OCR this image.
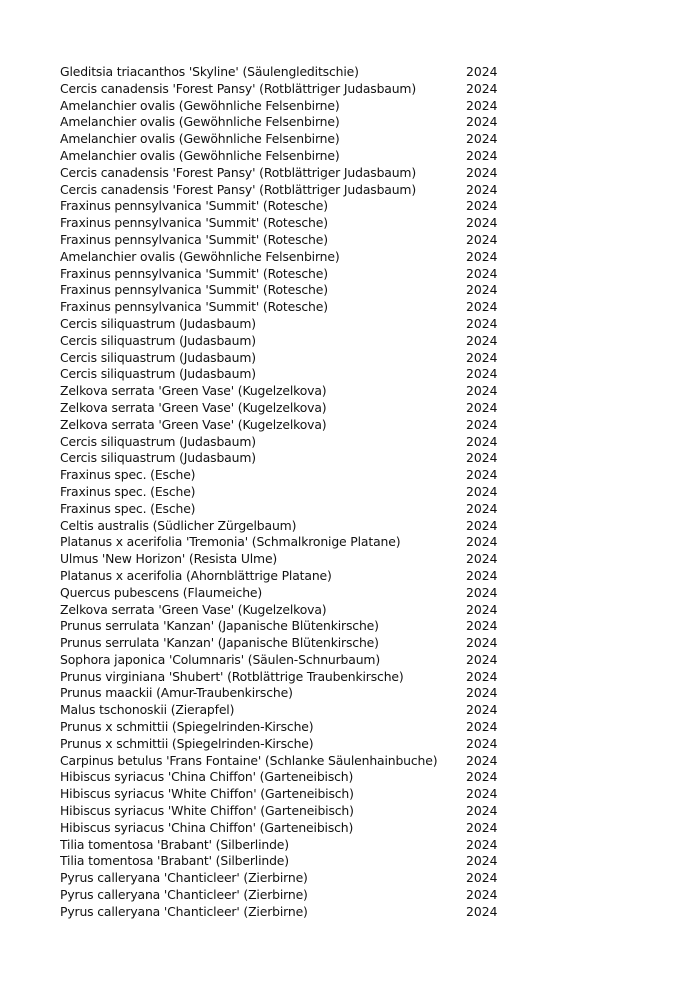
Gleditsia triacanthos 'Skyline' (Säulengleditschie)	2024
Cercis canadensis 'Forest Pansy' (Rotblättriger Judasbaum)	2024
Amelanchier ovalis (Gewöhnliche Felsenbirne)	2024
Amelanchier ovalis (Gewöhnliche Felsenbirne)	2024
Amelanchier ovalis (Gewöhnliche Felsenbirne)	2024
Amelanchier ovalis (Gewöhnliche Felsenbirne)	2024
Cercis canadensis 'Forest Pansy' (Rotblättriger Judasbaum)	2024
Cercis canadensis 'Forest Pansy' (Rotblättriger Judasbaum)	2024
Fraxinus pennsylvanica 'Summit' (Rotesche)	2024
Fraxinus pennsylvanica 'Summit' (Rotesche)	2024
Fraxinus pennsylvanica 'Summit' (Rotesche)	2024
Amelanchier ovalis (Gewöhnliche Felsenbirne)	2024
Fraxinus pennsylvanica 'Summit' (Rotesche)	2024
Fraxinus pennsylvanica 'Summit' (Rotesche)	2024
Fraxinus pennsylvanica 'Summit' (Rotesche)	2024
Cercis siliquastrum (Judasbaum)	2024
Cercis siliquastrum (Judasbaum)	2024
Cercis siliquastrum (Judasbaum)	2024
Cercis siliquastrum (Judasbaum)	2024
Zelkova serrata 'Green Vase' (Kugelzelkova)	2024
Zelkova serrata 'Green Vase' (Kugelzelkova)	2024
Zelkova serrata 'Green Vase' (Kugelzelkova)	2024
Cercis siliquastrum (Judasbaum)	2024
Cercis siliquastrum (Judasbaum)	2024
Fraxinus spec. (Esche)	2024
Fraxinus spec. (Esche)	2024
Fraxinus spec. (Esche)	2024
Celtis australis (Südlicher Zürgelbaum)	2024
Platanus x acerifolia 'Tremonia' (Schmalkronige Platane)	2024
Ulmus 'New Horizon' (Resista Ulme)	2024
Platanus x acerifolia (Ahornblättrige Platane)	2024
Quercus pubescens (Flaumeiche)	2024
Zelkova serrata 'Green Vase' (Kugelzelkova)	2024
Prunus serrulata 'Kanzan' (Japanische Blütenkirsche)	2024
Prunus serrulata 'Kanzan' (Japanische Blütenkirsche)	2024
Sophora japonica 'Columnaris' (Säulen-Schnurbaum)	2024
Prunus virginiana 'Shubert' (Rotblättrige Traubenkirsche)	2024
Prunus maackii (Amur-Traubenkirsche)	2024
Malus tschonoskii (Zierapfel)	2024
Prunus x schmittii (Spiegelrinden-Kirsche)	2024
Prunus x schmittii (Spiegelrinden-Kirsche)	2024
Carpinus betulus 'Frans Fontaine' (Schlanke Säulenhainbuche)	2024
Hibiscus syriacus 'China Chiffon' (Garteneibisch)	2024
Hibiscus syriacus 'White Chiffon' (Garteneibisch)	2024
Hibiscus syriacus 'White Chiffon' (Garteneibisch)	2024
Hibiscus syriacus 'China Chiffon' (Garteneibisch)	2024
Tilia tomentosa 'Brabant' (Silberlinde)	2024
Tilia tomentosa 'Brabant' (Silberlinde)	2024
Pyrus calleryana 'Chanticleer' (Zierbirne)	2024
Pyrus calleryana 'Chanticleer' (Zierbirne)	2024
Pyrus calleryana 'Chanticleer' (Zierbirne)	2024
